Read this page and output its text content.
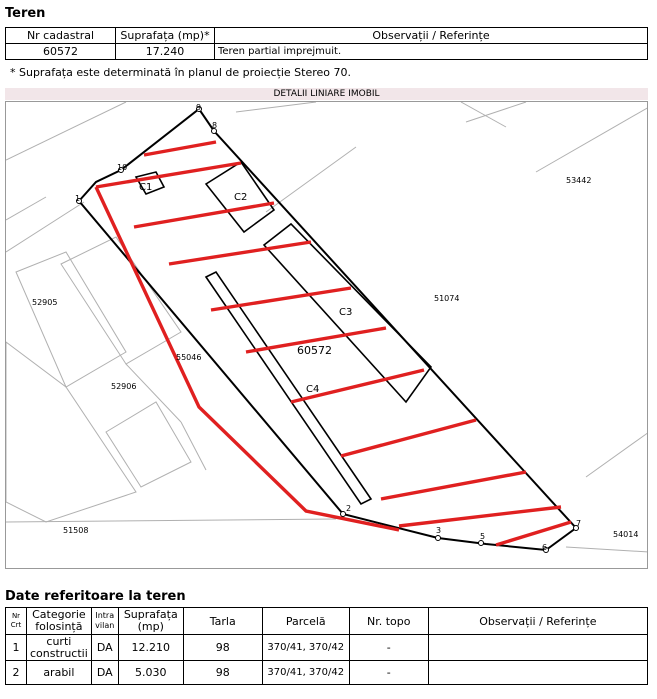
Teren
Nr cadastral	Suprafața (mp)*	Observații / Referințe
60572	17.240	Teren partial imprejmuit.
* Suprafața este determinată în planul de proiecție Stereo 70.
DETALII LINIARE IMOBIL
1
2
3
5
6
7
8
9
10
C1
C2
C3
C4
60572
53442
51074
52905
55046
52906
51508	54014
Date referitoare la teren
Nr Crt	Categorie folosință	Intra vilan	Suprafața (mp)	Tarla	Parcelă	Nr. topo	Observații / Referințe
1	curti constructii	DA	12.210	98	370/41, 370/42	-	
2	arabil	DA	5.030	98	370/41, 370/42	-	
